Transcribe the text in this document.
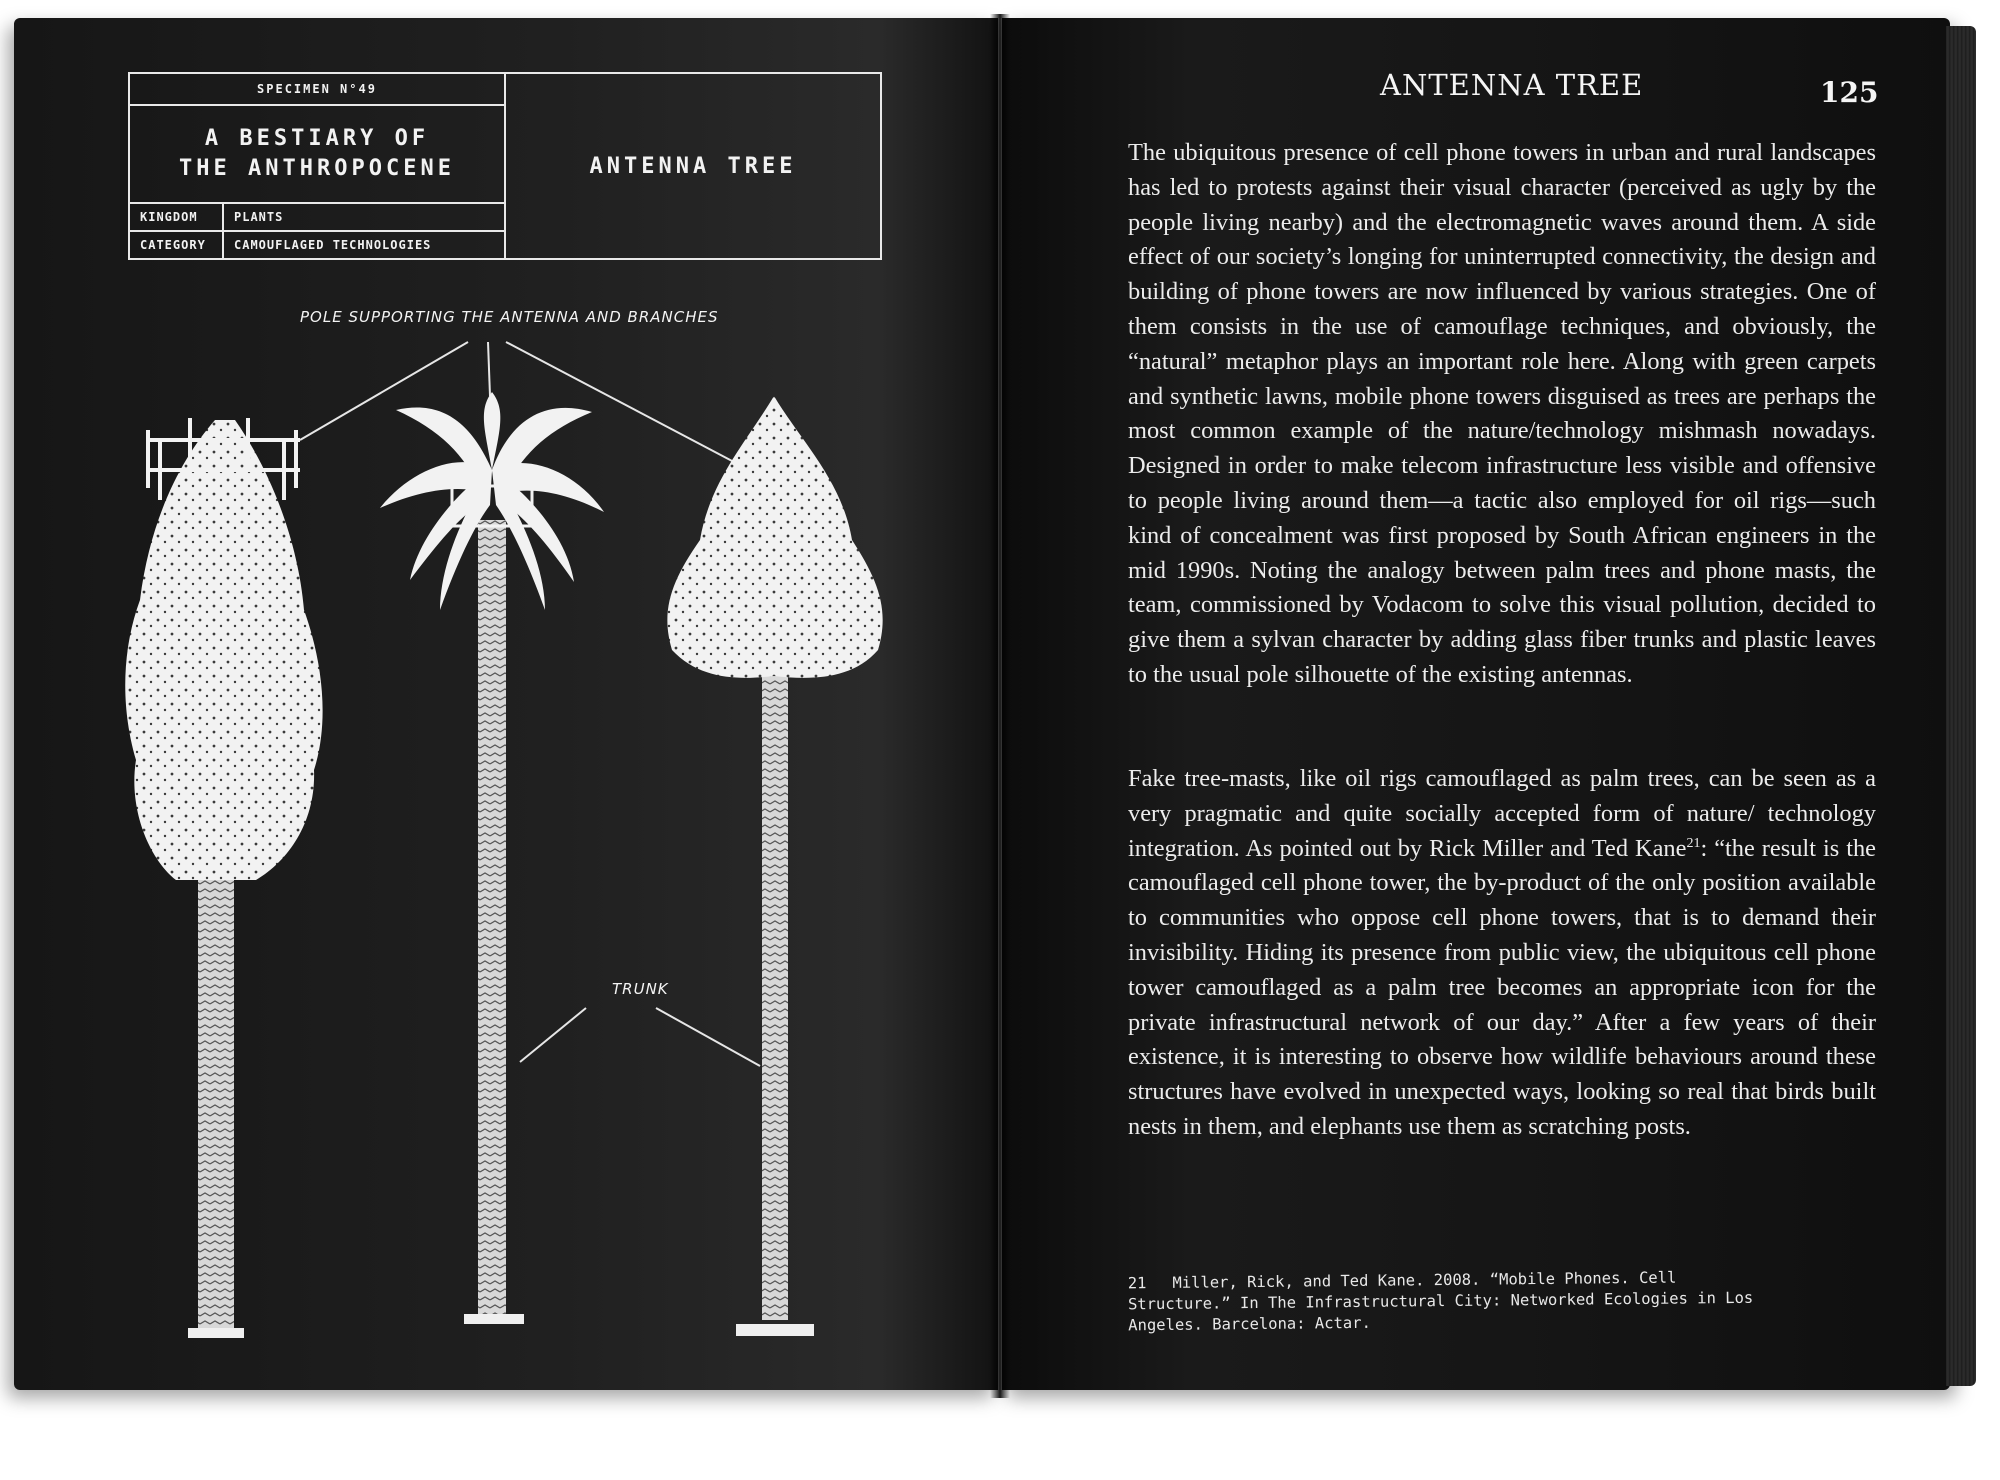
SPECIMEN N°49
A BESTIARY OF
THE ANTHROPOCENE
KINGDOM	PLANTS
CATEGORY	CAMOUFLAGED TECHNOLOGIES
ANTENNA TREE
POLE SUPPORTING THE ANTENNA AND BRANCHES
TRUNK
ANTENNA TREE	125
The ubiquitous presence of cell phone towers in urban and rural landscapes has led to protests against their visual character (perceived as ugly by the people living nearby) and the electromagnetic waves around them. A side effect of our society’s longing for uninterrupted connectivity, the design and building of phone towers are now influenced by various strategies. One of them consists in the use of camouflage techniques, and obviously, the “natural” metaphor plays an important role here. Along with green carpets and synthetic lawns, mobile phone towers disguised as trees are perhaps the most common example of the nature/technology mishmash nowadays. Designed in order to make telecom infrastructure less visible and offensive to people living around them—a tactic also employed for oil rigs—such kind of concealment was first proposed by South African engineers in the mid 1990s. Noting the analogy between palm trees and phone masts, the team, commissioned by Vodacom to solve this visual pollution, decided to give them a sylvan character by adding glass fiber trunks and plastic leaves to the usual pole silhouette of the existing antennas.
Fake tree-masts, like oil rigs camouflaged as palm trees, can be seen as a very pragmatic and quite socially accepted form of nature/ technology integration. As pointed out by Rick Miller and Ted Kane$^{21}$: “the result is the camouflaged cell phone tower, the by-product of the only position available to communities who oppose cell phone towers, that is to demand their invisibility. Hiding its presence from public view, the ubiquitous cell phone tower camouflaged as a palm tree becomes an appropriate icon for the private infrastructural network of our day.” After a few years of their existence, it is interesting to observe how wildlife behaviours around these structures have evolved in unexpected ways, looking so real that birds built nests in them, and elephants use them as scratching posts.
21 Miller, Rick, and Ted Kane. 2008. “Mobile Phones. Cell Structure.” In The Infrastructural City: Networked Ecologies in Los Angeles. Barcelona: Actar.
